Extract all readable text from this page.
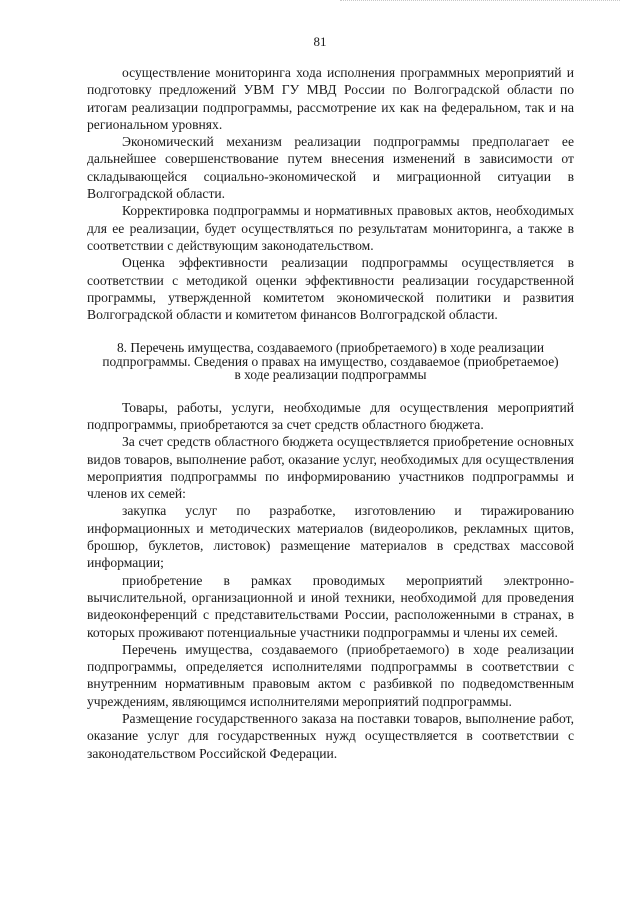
81

осуществление мониторинга хода исполнения программных мероприятий и подготовку предложений УВМ ГУ МВД России по Волгоградской области по итогам реализации подпрограммы, рассмотрение их как на федеральном, так и на региональном уровнях.

Экономический механизм реализации подпрограммы предполагает ее дальнейшее совершенствование путем внесения изменений в зависимости от складывающейся социально-экономической и миграционной ситуации в Волгоградской области.

Корректировка подпрограммы и нормативных правовых актов, необходимых для ее реализации, будет осуществляться по результатам мониторинга, а также в соответствии с действующим законодательством.

Оценка эффективности реализации подпрограммы осуществляется в соответствии с методикой оценки эффективности реализации государственной программы, утвержденной комитетом экономической политики и развития Волгоградской области и комитетом финансов Волгоградской области.

8. Перечень имущества, создаваемого (приобретаемого) в ходе реализации
подпрограммы. Сведения о правах на имущество, создаваемое (приобретаемое)
в ходе реализации подпрограммы

Товары, работы, услуги, необходимые для осуществления мероприятий подпрограммы, приобретаются за счет средств областного бюджета.

За счет средств областного бюджета осуществляется приобретение основных видов товаров, выполнение работ, оказание услуг, необходимых для осуществления мероприятия подпрограммы по информированию участников подпрограммы и членов их семей:

закупка услуг по разработке, изготовлению и тиражированию информационных и методических материалов (видеороликов, рекламных щитов, брошюр, буклетов, листовок) размещение материалов в средствах массовой информации;

приобретение в рамках проводимых мероприятий электронно-вычислительной, организационной и иной техники, необходимой для проведения видеоконференций с представительствами России, расположенными в странах, в которых проживают потенциальные участники подпрограммы и члены их семей.

Перечень имущества, создаваемого (приобретаемого) в ходе реализации подпрограммы, определяется исполнителями подпрограммы в соответствии с внутренним нормативным правовым актом с разбивкой по подведомственным учреждениям, являющимся исполнителями мероприятий подпрограммы.

Размещение государственного заказа на поставки товаров, выполнение работ, оказание услуг для государственных нужд осуществляется в соответствии с законодательством Российской Федерации.
